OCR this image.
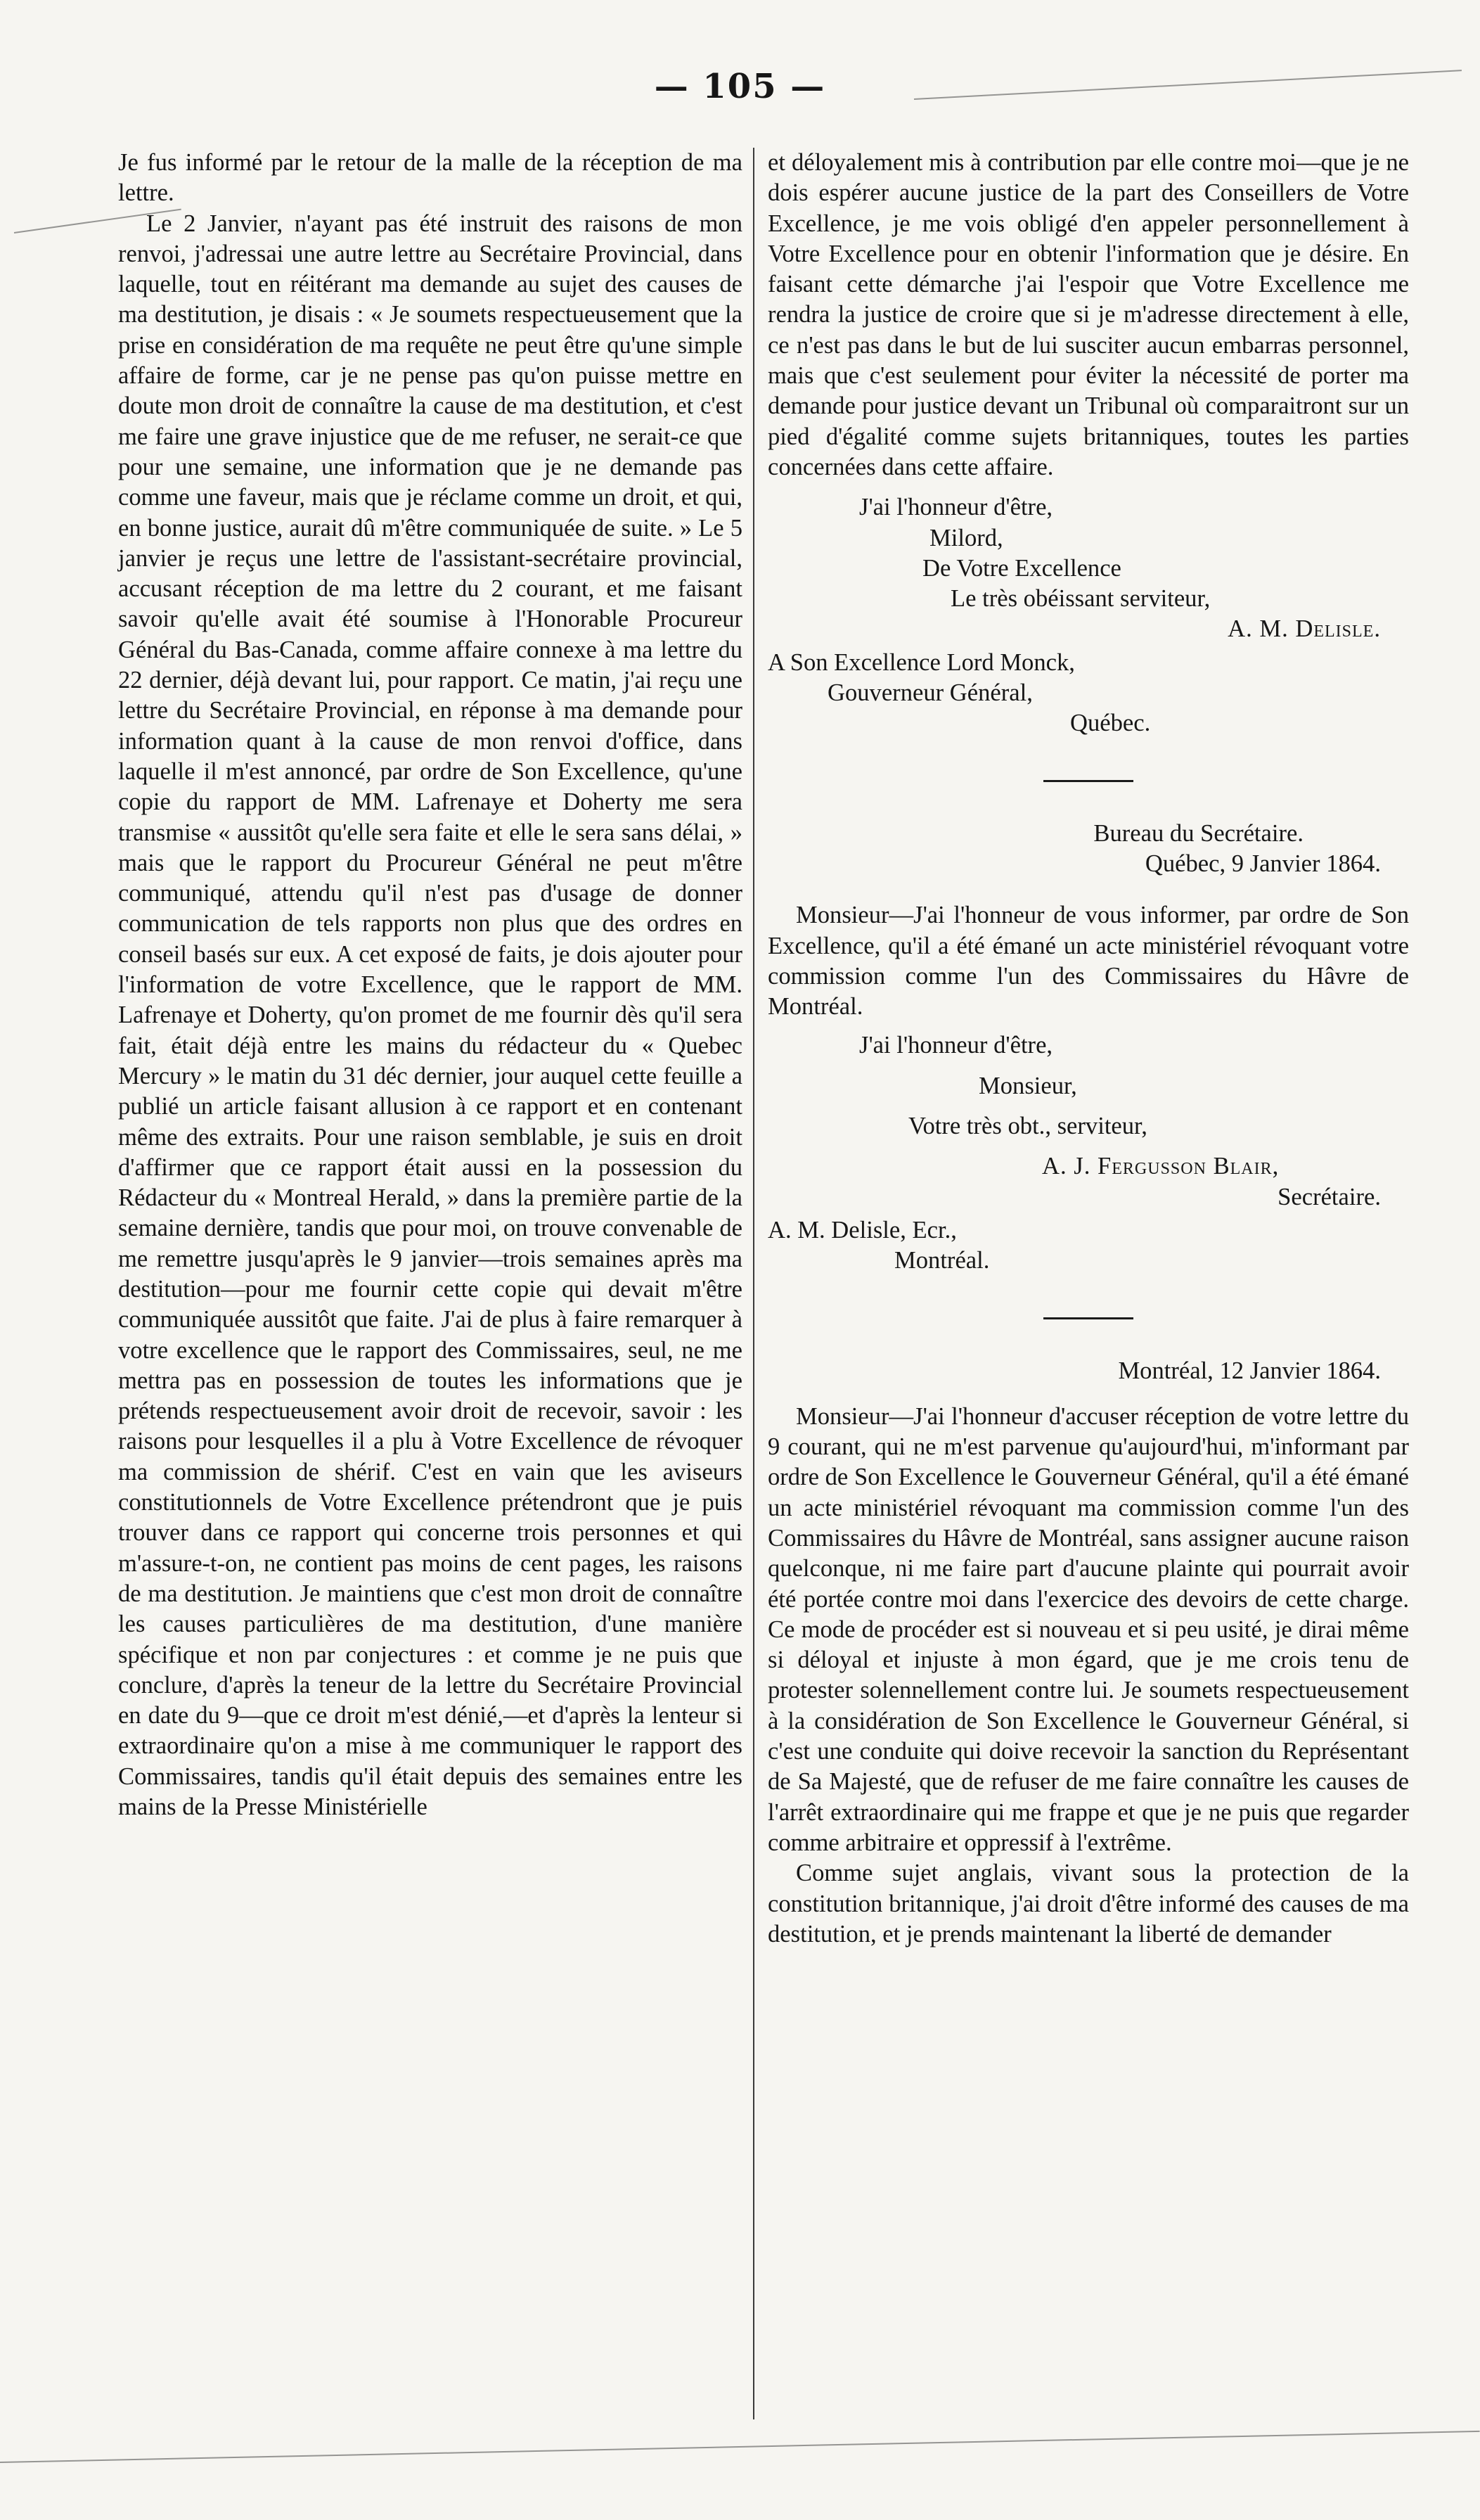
— 105 —

Je fus informé par le retour de la malle de la réception de ma lettre.

Le 2 Janvier, n'ayant pas été instruit des raisons de mon renvoi, j'adressai une autre lettre au Secrétaire Provincial, dans laquelle, tout en réitérant ma demande au sujet des causes de ma destitution, je disais : « Je soumets respectueusement que la prise en considération de ma requête ne peut être qu'une simple affaire de forme, car je ne pense pas qu'on puisse mettre en doute mon droit de connaître la cause de ma destitution, et c'est me faire une grave injustice que de me refuser, ne serait-ce que pour une semaine, une information que je ne demande pas comme une faveur, mais que je réclame comme un droit, et qui, en bonne justice, aurait dû m'être communiquée de suite. » Le 5 janvier je reçus une lettre de l'assistant-secrétaire provincial, accusant réception de ma lettre du 2 courant, et me faisant savoir qu'elle avait été soumise à l'Honorable Procureur Général du Bas-Canada, comme affaire connexe à ma lettre du 22 dernier, déjà devant lui, pour rapport. Ce matin, j'ai reçu une lettre du Secrétaire Provincial, en réponse à ma demande pour information quant à la cause de mon renvoi d'office, dans laquelle il m'est annoncé, par ordre de Son Excellence, qu'une copie du rapport de MM. Lafrenaye et Doherty me sera transmise « aussitôt qu'elle sera faite et elle le sera sans délai, » mais que le rapport du Procureur Général ne peut m'être communiqué, attendu qu'il n'est pas d'usage de donner communication de tels rapports non plus que des ordres en conseil basés sur eux. A cet exposé de faits, je dois ajouter pour l'information de votre Excellence, que le rapport de MM. Lafrenaye et Doherty, qu'on promet de me fournir dès qu'il sera fait, était déjà entre les mains du rédacteur du « Quebec Mercury » le matin du 31 déc dernier, jour auquel cette feuille a publié un article faisant allusion à ce rapport et en contenant même des extraits. Pour une raison semblable, je suis en droit d'affirmer que ce rapport était aussi en la possession du Rédacteur du « Montreal Herald, » dans la première partie de la semaine dernière, tandis que pour moi, on trouve convenable de me remettre jusqu'après le 9 janvier—trois semaines après ma destitution—pour me fournir cette copie qui devait m'être communiquée aussitôt que faite. J'ai de plus à faire remarquer à votre excellence que le rapport des Commissaires, seul, ne me mettra pas en possession de toutes les informations que je prétends respectueusement avoir droit de recevoir, savoir : les raisons pour lesquelles il a plu à Votre Excellence de révoquer ma commission de shérif. C'est en vain que les aviseurs constitutionnels de Votre Excellence prétendront que je puis trouver dans ce rapport qui concerne trois personnes et qui m'assure-t-on, ne contient pas moins de cent pages, les raisons de ma destitution. Je maintiens que c'est mon droit de connaître les causes particulières de ma destitution, d'une manière spécifique et non par conjectures : et comme je ne puis que conclure, d'après la teneur de la lettre du Secrétaire Provincial en date du 9—que ce droit m'est dénié,—et d'après la lenteur si extraordinaire qu'on a mise à me communiquer le rapport des Commissaires, tandis qu'il était depuis des semaines entre les mains de la Presse Ministérielle

et déloyalement mis à contribution par elle contre moi—que je ne dois espérer aucune justice de la part des Conseillers de Votre Excellence, je me vois obligé d'en appeler personnellement à Votre Excellence pour en obtenir l'information que je désire. En faisant cette démarche j'ai l'espoir que Votre Excellence me rendra la justice de croire que si je m'adresse directement à elle, ce n'est pas dans le but de lui susciter aucun embarras personnel, mais que c'est seulement pour éviter la nécessité de porter ma demande pour justice devant un Tribunal où comparaitront sur un pied d'égalité comme sujets britanniques, toutes les parties concernées dans cette affaire.

J'ai l'honneur d'être,
Milord,
De Votre Excellence
Le très obéissant serviteur,
A. M. Delisle.
A Son Excellence Lord Monck,
Gouverneur Général,
Québec.
Bureau du Secrétaire.
Québec, 9 Janvier 1864.

Monsieur—J'ai l'honneur de vous informer, par ordre de Son Excellence, qu'il a été émané un acte ministériel révoquant votre commission comme l'un des Commissaires du Hâvre de Montréal.

J'ai l'honneur d'être,
Monsieur,
Votre très obt., serviteur,
A. J. Fergusson Blair,
Secrétaire.
A. M. Delisle, Ecr.,
Montréal.
Montréal, 12 Janvier 1864.

Monsieur—J'ai l'honneur d'accuser réception de votre lettre du 9 courant, qui ne m'est parvenue qu'aujourd'hui, m'informant par ordre de Son Excellence le Gouverneur Général, qu'il a été émané un acte ministériel révoquant ma commission comme l'un des Commissaires du Hâvre de Montréal, sans assigner aucune raison quelconque, ni me faire part d'aucune plainte qui pourrait avoir été portée contre moi dans l'exercice des devoirs de cette charge. Ce mode de procéder est si nouveau et si peu usité, je dirai même si déloyal et injuste à mon égard, que je me crois tenu de protester solennellement contre lui. Je soumets respectueusement à la considération de Son Excellence le Gouverneur Général, si c'est une conduite qui doive recevoir la sanction du Représentant de Sa Majesté, que de refuser de me faire connaître les causes de l'arrêt extraordinaire qui me frappe et que je ne puis que regarder comme arbitraire et oppressif à l'extrême.

Comme sujet anglais, vivant sous la protection de la constitution britannique, j'ai droit d'être informé des causes de ma destitution, et je prends maintenant la liberté de demander
